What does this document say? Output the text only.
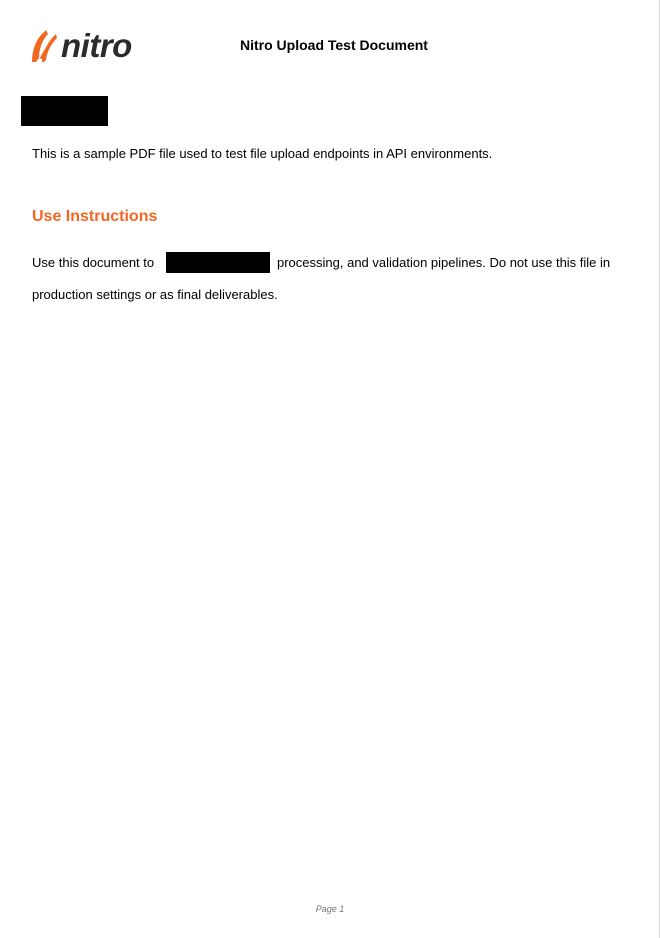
nitro	Nitro Upload Test Document
This is a sample PDF file used to test file upload endpoints in API environments.
Use Instructions
Use this document to	processing, and validation pipelines. Do not use this file in
production settings or as final deliverables.
Page 1
